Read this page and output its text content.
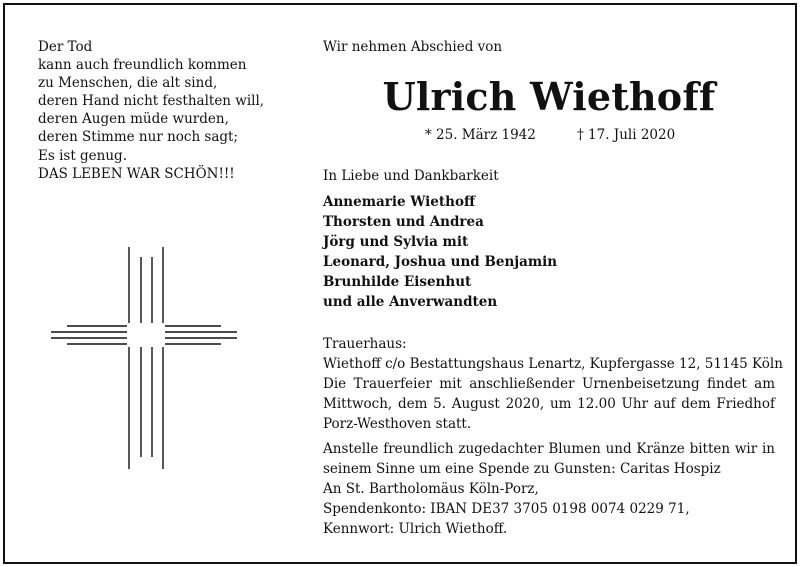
Der Tod
kann auch freundlich kommen
zu Menschen, die alt sind,
deren Hand nicht festhalten will,
deren Augen müde wurden,
deren Stimme nur noch sagt;
Es ist genug.
DAS LEBEN WAR SCHÖN!!!
Wir nehmen Abschied von
Ulrich Wiethoff
* 25. März 1942	† 17. Juli 2020
In Liebe und Dankbarkeit
Annemarie Wiethoff
Thorsten und Andrea
Jörg und Sylvia mit
Leonard, Joshua und Benjamin
Brunhilde Eisenhut
und alle Anverwandten

Trauerhaus:

Wiethoff c/o Bestattungshaus Lenartz, Kupfergasse 12, 51145 Köln

Die Trauerfeier mit anschließender Urnenbeisetzung findet am Mittwoch, dem 5. August 2020, um 12.00 Uhr auf dem Friedhof Porz-Westhoven statt.

Anstelle freundlich zugedachter Blumen und Kränze bitten wir in seinem Sinne um eine Spende zu Gunsten: Caritas Hospiz

An St. Bartholomäus Köln-Porz,

Spendenkonto: IBAN DE37 3705 0198 0074 0229 71,

Kennwort: Ulrich Wiethoff.
